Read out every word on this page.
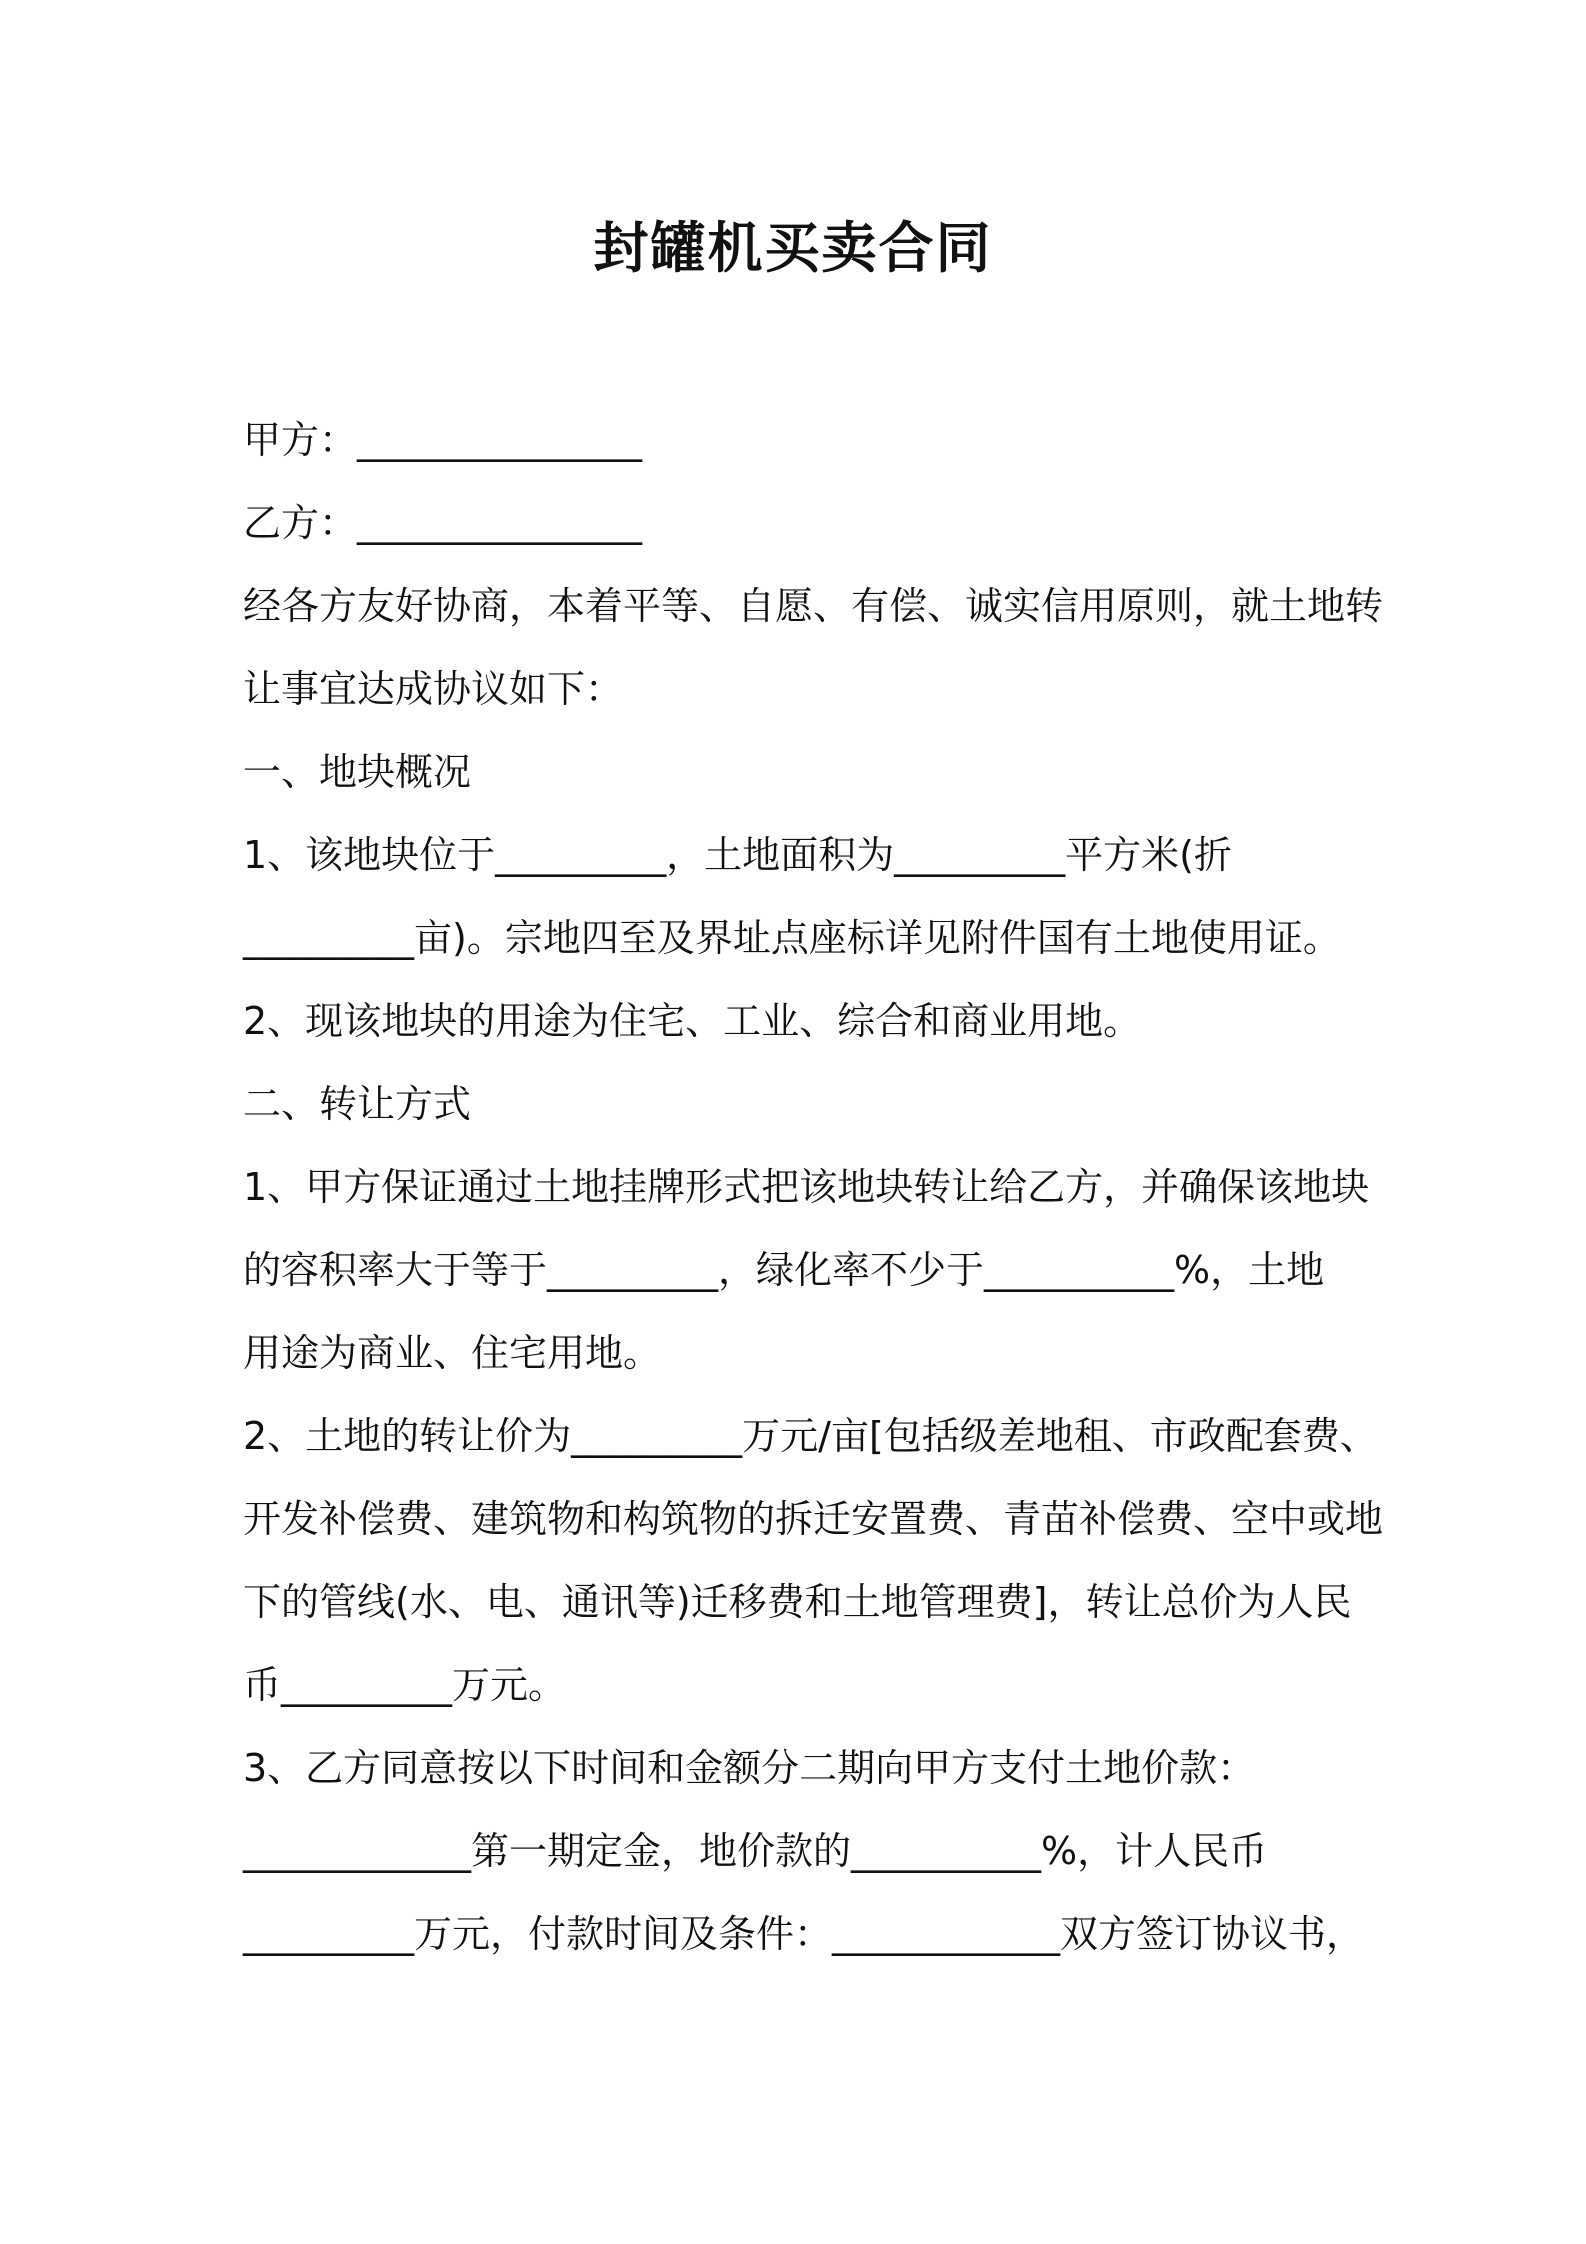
封罐机买卖合同
甲方：_______________
乙方：_______________
经各方友好协商，本着平等、自愿、有偿、诚实信用原则，就土地转
让事宜达成协议如下：
一、地块概况
1、该地块位于_________，土地面积为_________平方米(折
_________亩)。宗地四至及界址点座标详见附件国有土地使用证。
2、现该地块的用途为住宅、工业、综合和商业用地。
二、转让方式
1、甲方保证通过土地挂牌形式把该地块转让给乙方，并确保该地块
的容积率大于等于_________，绿化率不少于__________%，土地
用途为商业、住宅用地。
2、土地的转让价为_________万元/亩[包括级差地租、市政配套费、
开发补偿费、建筑物和构筑物的拆迁安置费、青苗补偿费、空中或地
下的管线(水、电、通讯等)迁移费和土地管理费]，转让总价为人民
币_________万元。
3、乙方同意按以下时间和金额分二期向甲方支付土地价款：
____________第一期定金，地价款的__________%，计人民币
_________万元，付款时间及条件：____________双方签订协议书，
